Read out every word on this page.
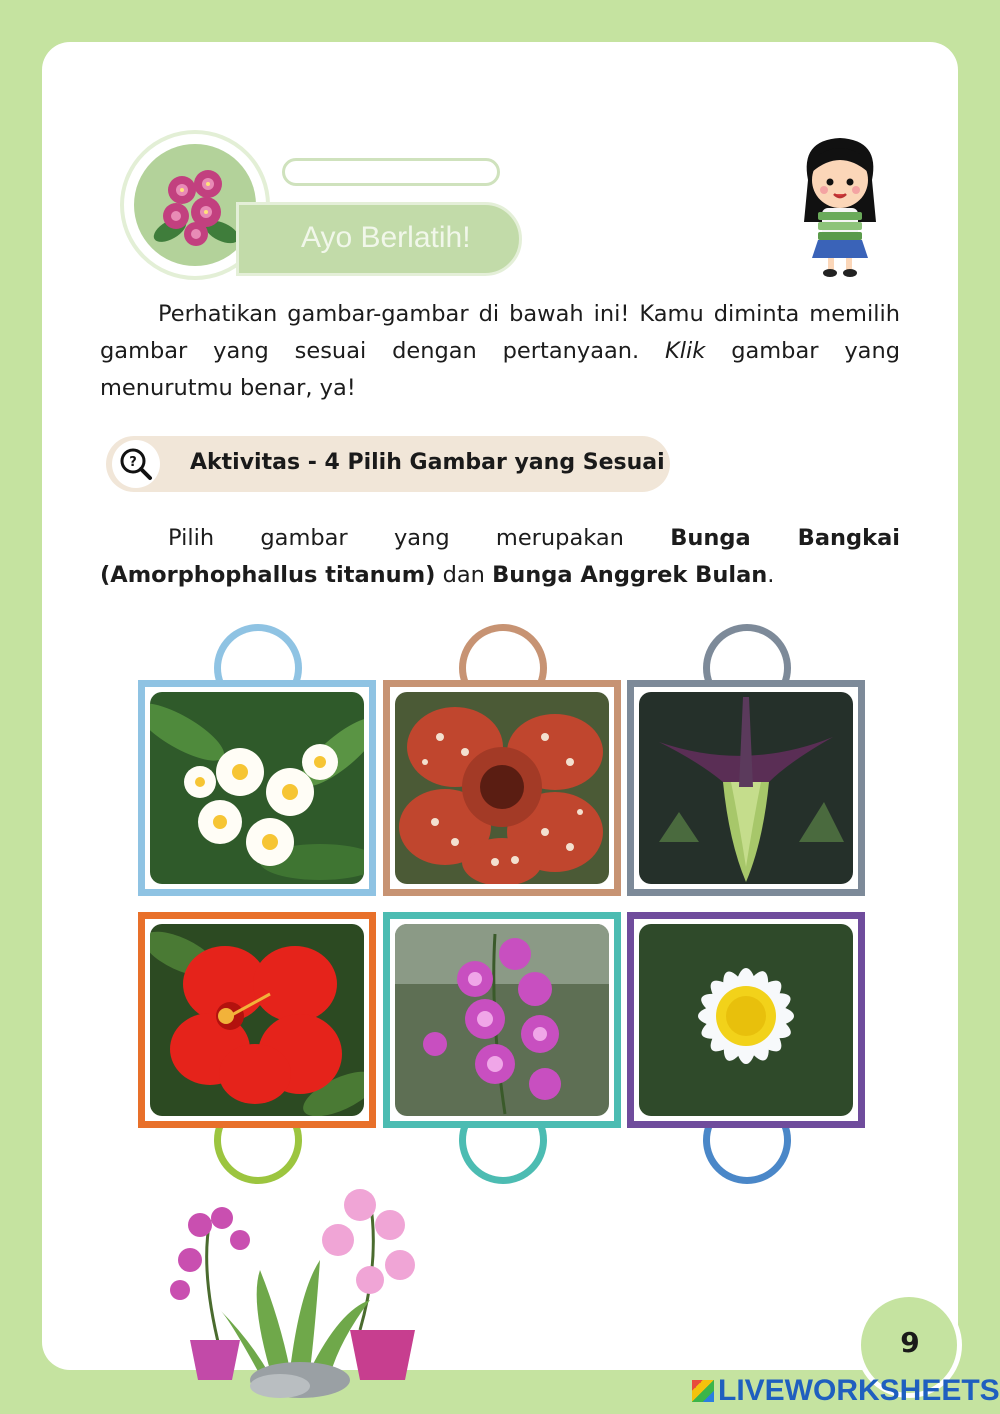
Ayo Berlatih!

Perhatikan gambar-gambar di bawah ini! Kamu diminta memilih gambar yang sesuai dengan pertanyaan. Klik gambar yang menurutmu benar, ya!

? Aktivitas - 4 Pilih Gambar yang Sesuai

Pilih gambar yang merupakan Bunga Bangkai (Amorphophallus titanum) dan Bunga Anggrek Bulan.

9
LIVEWORKSHEETS
